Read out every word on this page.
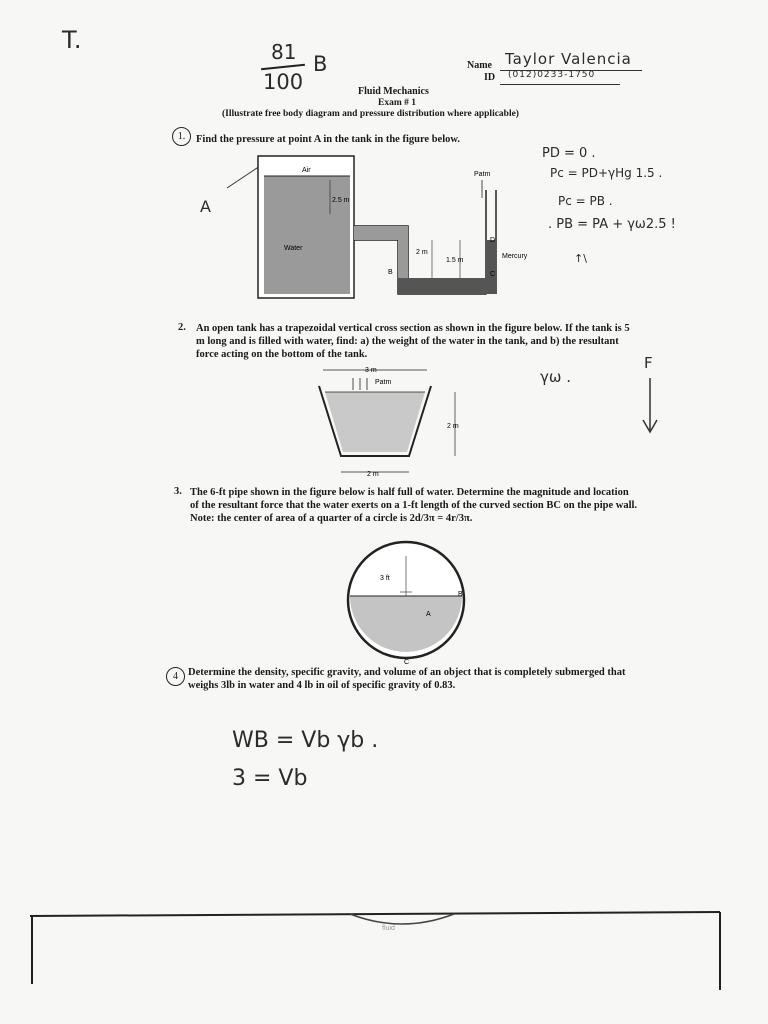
T.	81
100
B	Name Taylor Valencia
ID (012)0233-1750
Fluid Mechanics
Exam # 1
(Illustrate free body diagram and pressure distribution where applicable)
1.	Find the pressure at point A in the tank in the figure below.
A
Air
Water
2.5 m
2 m
1.5 m
Mercury
Patm
B	C
D
PD = 0 .
Pc = PD+γHg 1.5 .
Pc = PB .
. PB = PA + γω2.5 !
↑\
2. An open tank has a trapezoidal vertical cross section as shown in the figure below. If the tank is 5 m long and is filled with water, find: a) the weight of the water in the tank, and b) the resultant force acting on the bottom of the tank.
3 m
Patm
2 m
2 m
γω .
F
3. The 6-ft pipe shown in the figure below is half full of water. Determine the magnitude and location of the resultant force that the water exerts on a 1-ft length of the curved section BC on the pipe wall. Note: the center of area of a quarter of a circle is 2d/3π = 4r/3π.
3 ft
A
B
C
4 Determine the density, specific gravity, and volume of an object that is completely submerged that weighs 3lb in water and 4 lb in oil of specific gravity of 0.83.
WB = Vb γb .
3 = Vb
fluid
